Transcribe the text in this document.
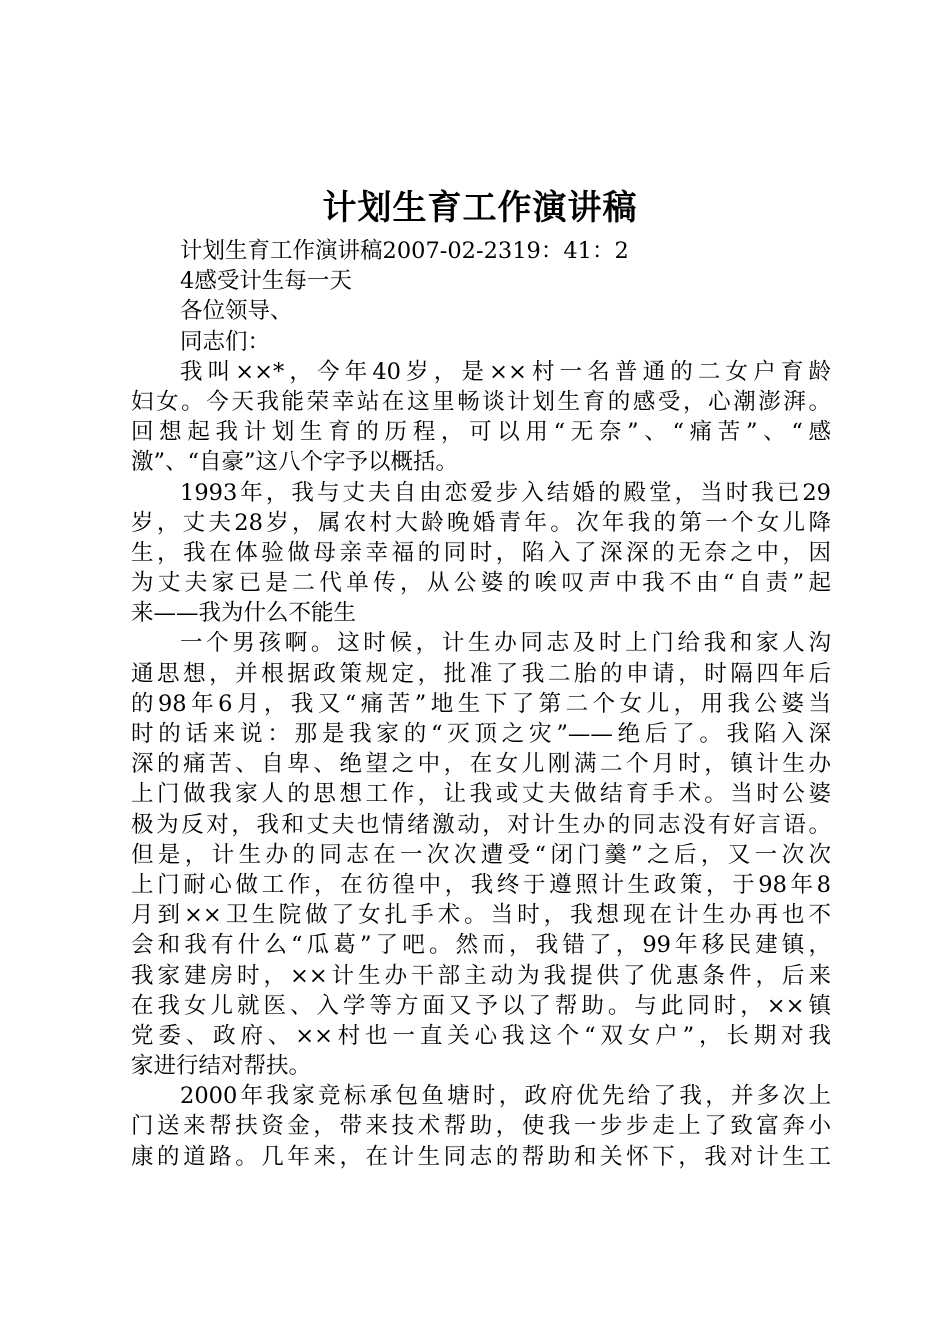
计划生育工作演讲稿
计划生育工作演讲稿2007-02-2319：41：2
4感受计生每一天
各位领导、
同志们：
我叫××*，今年40岁，是××村一名普通的二女户育龄
妇女。今天我能荣幸站在这里畅谈计划生育的感受，心潮澎湃。
回想起我计划生育的历程，可以用“无奈”、“痛苦”、“感
激”、“自豪”这八个字予以概括。
1993年，我与丈夫自由恋爱步入结婚的殿堂，当时我已29
岁，丈夫28岁，属农村大龄晚婚青年。次年我的第一个女儿降
生，我在体验做母亲幸福的同时，陷入了深深的无奈之中，因
为丈夫家已是二代单传，从公婆的唉叹声中我不由“自责”起
来——我为什么不能生
一个男孩啊。这时候，计生办同志及时上门给我和家人沟
通思想，并根据政策规定，批准了我二胎的申请，时隔四年后
的98年6月，我又“痛苦”地生下了第二个女儿，用我公婆当
时的话来说：那是我家的“灭顶之灾”——绝后了。我陷入深
深的痛苦、自卑、绝望之中，在女儿刚满二个月时，镇计生办
上门做我家人的思想工作，让我或丈夫做结育手术。当时公婆
极为反对，我和丈夫也情绪激动，对计生办的同志没有好言语。
但是，计生办的同志在一次次遭受“闭门羹”之后，又一次次
上门耐心做工作，在彷徨中，我终于遵照计生政策，于98年8
月到××卫生院做了女扎手术。当时，我想现在计生办再也不
会和我有什么“瓜葛”了吧。然而，我错了，99年移民建镇，
我家建房时，××计生办干部主动为我提供了优惠条件，后来
在我女儿就医、入学等方面又予以了帮助。与此同时，××镇
党委、政府、××村也一直关心我这个“双女户”，长期对我
家进行结对帮扶。
2000年我家竞标承包鱼塘时，政府优先给了我，并多次上
门送来帮扶资金，带来技术帮助，使我一步步走上了致富奔小
康的道路。几年来，在计生同志的帮助和关怀下，我对计生工
